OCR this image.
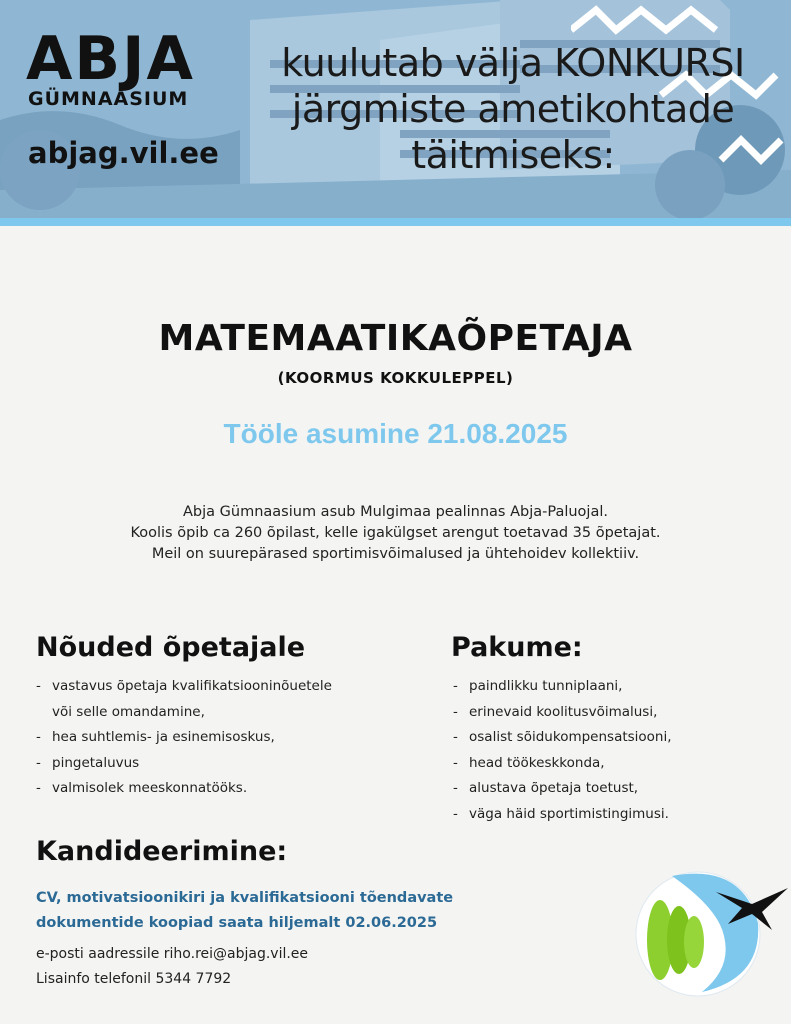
ABJA
GÜMNAASIUM
abjag.vil.ee
kuulutab välja KONKURSI
järgmiste ametikohtade
täitmiseks:
MATEMAATIKAÕPETAJA
(KOORMUS KOKKULEPPEL)
Tööle asumine 21.08.2025
Abja Gümnaasium asub Mulgimaa pealinnas Abja-Paluojal.
Koolis õpib ca 260 õpilast, kelle igakülgset arengut toetavad 35 õpetajat.
Meil on suurepärased sportimisvõimalused ja ühtehoidev kollektiiv.
Nõuded õpetajale
- vastavus õpetaja kvalifikatsiooninõuetele
või selle omandamine,
- hea suhtlemis- ja esinemisoskus,
- pingetaluvus
- valmisolek meeskonnatööks.
Pakume:
- paindlikku tunniplaani,
- erinevaid koolitusvõimalusi,
- osalist sõidukompensatsiooni,
- head töökeskkonda,
- alustava õpetaja toetust,
- väga häid sportimistingimusi.
Kandideerimine:
CV, motivatsioonikiri ja kvalifikatsiooni tõendavate
dokumentide koopiad saata hiljemalt 02.06.2025
e-posti aadressile riho.rei@abjag.vil.ee
Lisainfo telefonil 5344 7792
